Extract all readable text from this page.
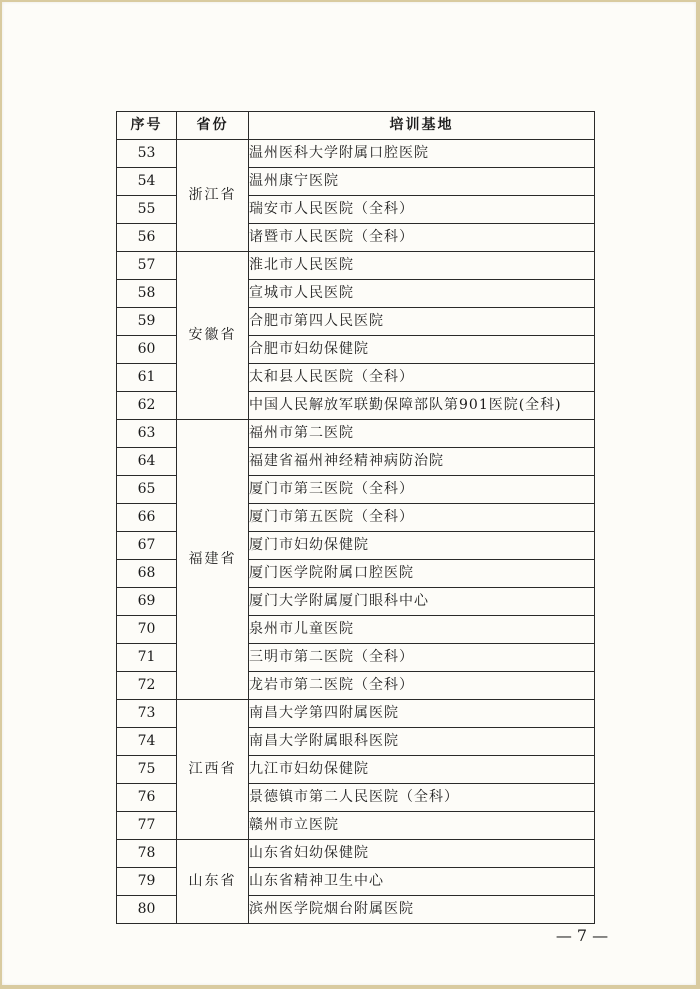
序号	省份	培训基地
53	浙江省	温州医科大学附属口腔医院
54		温州康宁医院
55		瑞安市人民医院（全科）
56		诸暨市人民医院（全科）
57	安徽省	淮北市人民医院
58		宣城市人民医院
59		合肥市第四人民医院
60		合肥市妇幼保健院
61		太和县人民医院（全科）
62		中国人民解放军联勤保障部队第901医院(全科)
63	福建省	福州市第二医院
64		福建省福州神经精神病防治院
65		厦门市第三医院（全科）
66		厦门市第五医院（全科）
67		厦门市妇幼保健院
68		厦门医学院附属口腔医院
69		厦门大学附属厦门眼科中心
70		泉州市儿童医院
71		三明市第二医院（全科）
72		龙岩市第二医院（全科）
73	江西省	南昌大学第四附属医院
74		南昌大学附属眼科医院
75		九江市妇幼保健院
76		景德镇市第二人民医院（全科）
77		赣州市立医院
78	山东省	山东省妇幼保健院
79		山东省精神卫生中心
80		滨州医学院烟台附属医院
— 7 —
